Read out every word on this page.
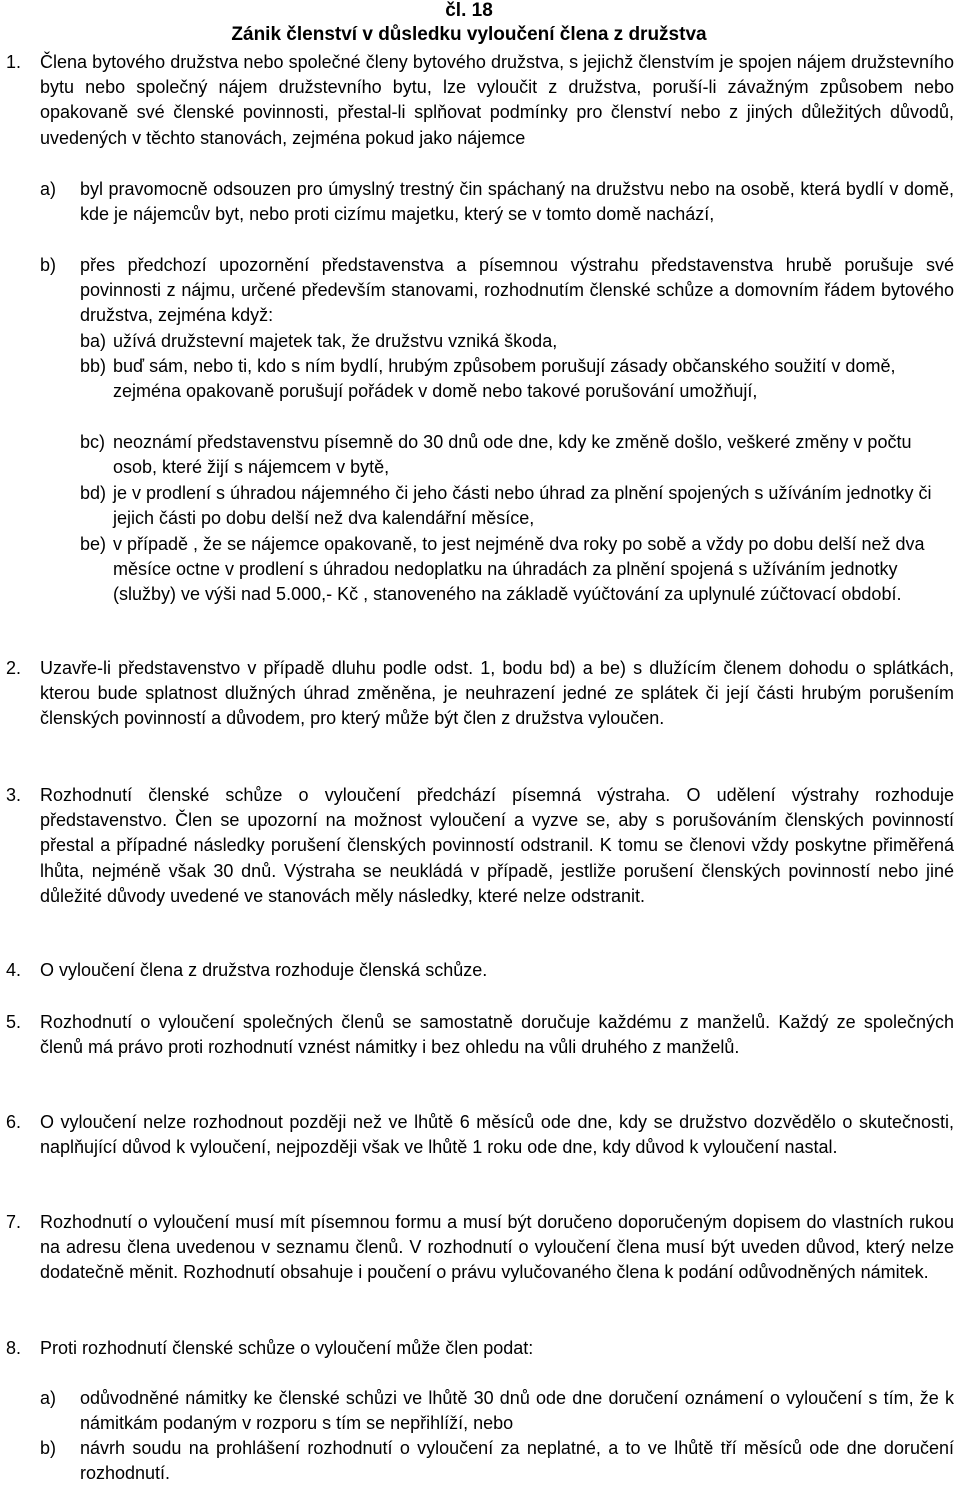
čl. 18
Zánik členství v důsledku vyloučení člena z družstva
1. Člena bytového družstva nebo společné členy bytového družstva, s jejichž členstvím je spojen nájem družstevního bytu nebo společný nájem družstevního bytu, lze vyloučit z družstva, poruší-li závažným způsobem nebo opakovaně své členské povinnosti, přestal-li splňovat podmínky pro členství nebo z jiných důležitých důvodů, uvedených v těchto stanovách, zejména pokud jako nájemce
a) byl pravomocně odsouzen pro úmyslný trestný čin spáchaný na družstvu nebo na osobě, která bydlí v domě, kde je nájemcův byt, nebo proti cizímu majetku, který se v tomto domě nachází,
b) přes předchozí upozornění představenstva a písemnou výstrahu představenstva hrubě porušuje své povinnosti z nájmu, určené především stanovami, rozhodnutím členské schůze a domovním řádem bytového družstva, zejména když:
ba) užívá družstevní majetek tak, že družstvu vzniká škoda,
bb) buď sám, nebo ti, kdo s ním bydlí, hrubým způsobem porušují zásady občanského soužití v domě, zejména opakovaně porušují pořádek v domě nebo takové porušování umožňují,
bc) neoznámí představenstvu písemně do 30 dnů ode dne, kdy ke změně došlo, veškeré změny v počtu osob, které žijí s nájemcem v bytě,
bd) je v prodlení s úhradou nájemného či jeho části nebo úhrad za plnění spojených s užíváním jednotky či jejich části po dobu delší než dva kalendářní měsíce,
be) v případě , že se nájemce opakovaně, to jest nejméně dva roky po sobě a vždy po dobu delší než dva měsíce octne v prodlení s úhradou nedoplatku na úhradách za plnění spojená s užíváním jednotky (služby) ve výši nad 5.000,- Kč , stanoveného na základě vyúčtování za uplynulé zúčtovací období.
2. Uzavře-li představenstvo v případě dluhu podle odst. 1, bodu bd) a be) s dlužícím členem dohodu o splátkách, kterou bude splatnost dlužných úhrad změněna, je neuhrazení jedné ze splátek či její části hrubým porušením členských povinností a důvodem, pro který může být člen z družstva vyloučen.
3. Rozhodnutí členské schůze o vyloučení předchází písemná výstraha. O udělení výstrahy rozhoduje představenstvo. Člen se upozorní na možnost vyloučení a vyzve se, aby s porušováním členských povinností přestal a případné následky porušení členských povinností odstranil. K tomu se členovi vždy poskytne přiměřená lhůta, nejméně však 30 dnů. Výstraha se neukládá v případě, jestliže porušení členských povinností nebo jiné důležité důvody uvedené ve stanovách měly následky, které nelze odstranit.
4. O vyloučení člena z družstva rozhoduje členská schůze.
5. Rozhodnutí o vyloučení společných členů se samostatně doručuje každému z manželů. Každý ze společných členů má právo proti rozhodnutí vznést námitky i bez ohledu na vůli druhého z manželů.
6. O vyloučení nelze rozhodnout později než ve lhůtě 6 měsíců ode dne, kdy se družstvo dozvědělo o skutečnosti, naplňující důvod k vyloučení, nejpozději však ve lhůtě 1 roku ode dne, kdy důvod k vyloučení nastal.
7. Rozhodnutí o vyloučení musí mít písemnou formu a musí být doručeno doporučeným dopisem do vlastních rukou na adresu člena uvedenou v seznamu členů. V rozhodnutí o vyloučení člena musí být uveden důvod, který nelze dodatečně měnit. Rozhodnutí obsahuje i poučení o právu vylučovaného člena k podání odůvodněných námitek.
8. Proti rozhodnutí členské schůze o vyloučení může člen podat:
a) odůvodněné námitky ke členské schůzi ve lhůtě 30 dnů ode dne doručení oznámení o vyloučení s tím, že k námitkám podaným v rozporu s tím se nepřihlíží, nebo
b) návrh soudu na prohlášení rozhodnutí o vyloučení za neplatné, a to ve lhůtě tří měsíců ode dne doručení rozhodnutí.
